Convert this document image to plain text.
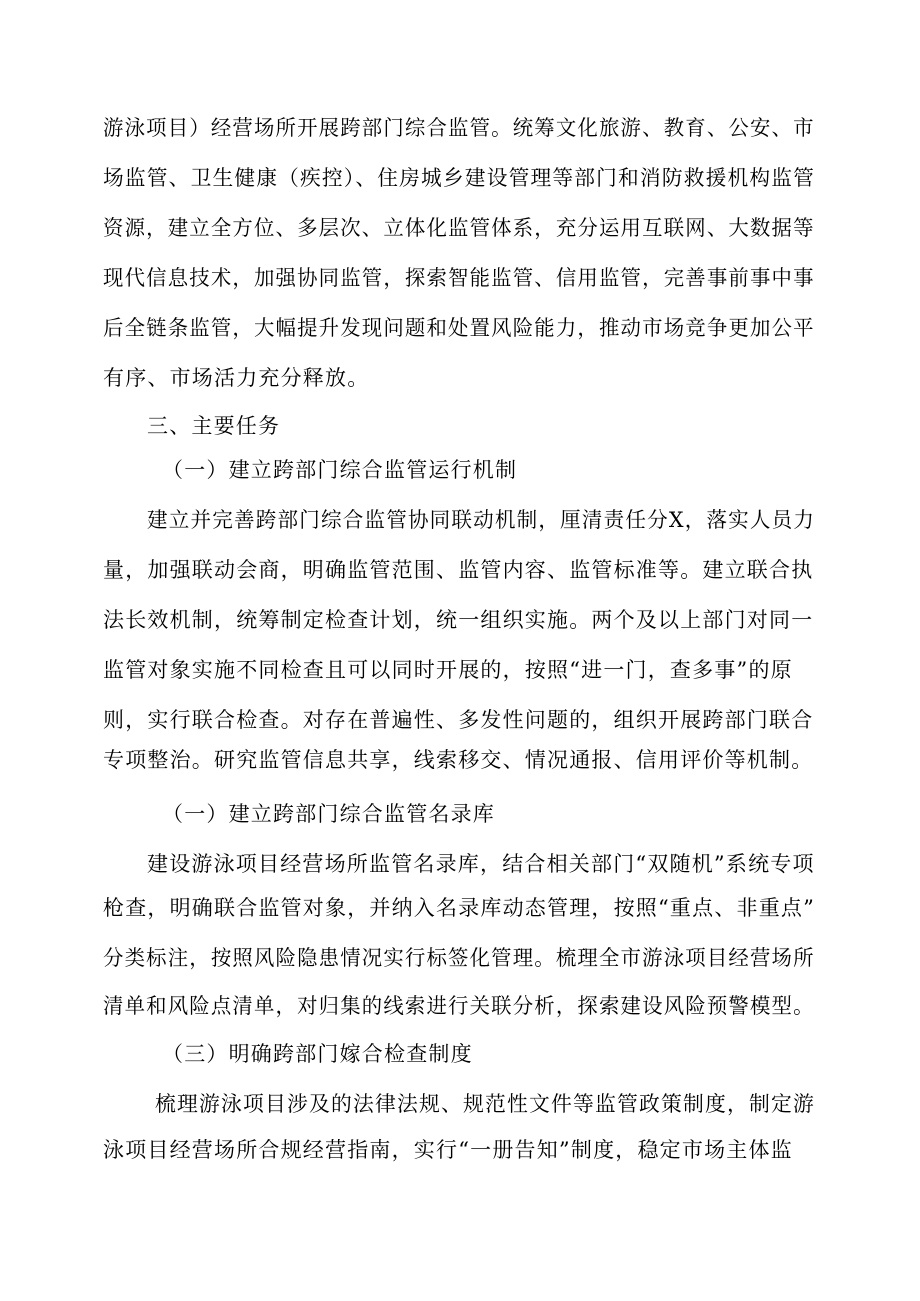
游泳项目）经营场所开展跨部门综合监管。统筹文化旅游、教育、公安、市
场监管、卫生健康（疾控）、住房城乡建设管理等部门和消防救援机构监管
资源，建立全方位、多层次、立体化监管体系，充分运用互联网、大数据等
现代信息技术，加强协同监管，探索智能监管、信用监管，完善事前事中事
后全链条监管，大幅提升发现问题和处置风险能力，推动市场竞争更加公平
有序、市场活力充分释放。
三、主要任务
（一）建立跨部门综合监管运行机制
建立并完善跨部门综合监管协同联动机制，厘清责任分X，落实人员力
量，加强联动会商，明确监管范围、监管内容、监管标准等。建立联合执
法长效机制，统筹制定检查计划，统一组织实施。两个及以上部门对同一
监管对象实施不同检查且可以同时开展的，按照“进一门，查多事”的原
则，实行联合检查。对存在普遍性、多发性问题的，组织开展跨部门联合
专项整治。研究监管信息共享，线索移交、情况通报、信用评价等机制。
（一）建立跨部门综合监管名录库
建设游泳项目经营场所监管名录库，结合相关部门“双随机”系统专项
枪查，明确联合监管对象，并纳入名录库动态管理，按照“重点、非重点”
分类标注，按照风险隐患情况实行标签化管理。梳理全市游泳项目经营场所
清单和风险点清单，对归集的线索进行关联分析，探索建设风险预警模型。
（三）明确跨部门嫁合检查制度
梳理游泳项目涉及的法律法规、规范性文件等监管政策制度，制定游
泳项目经营场所合规经营指南，实行“一册告知”制度，稳定市场主体监
